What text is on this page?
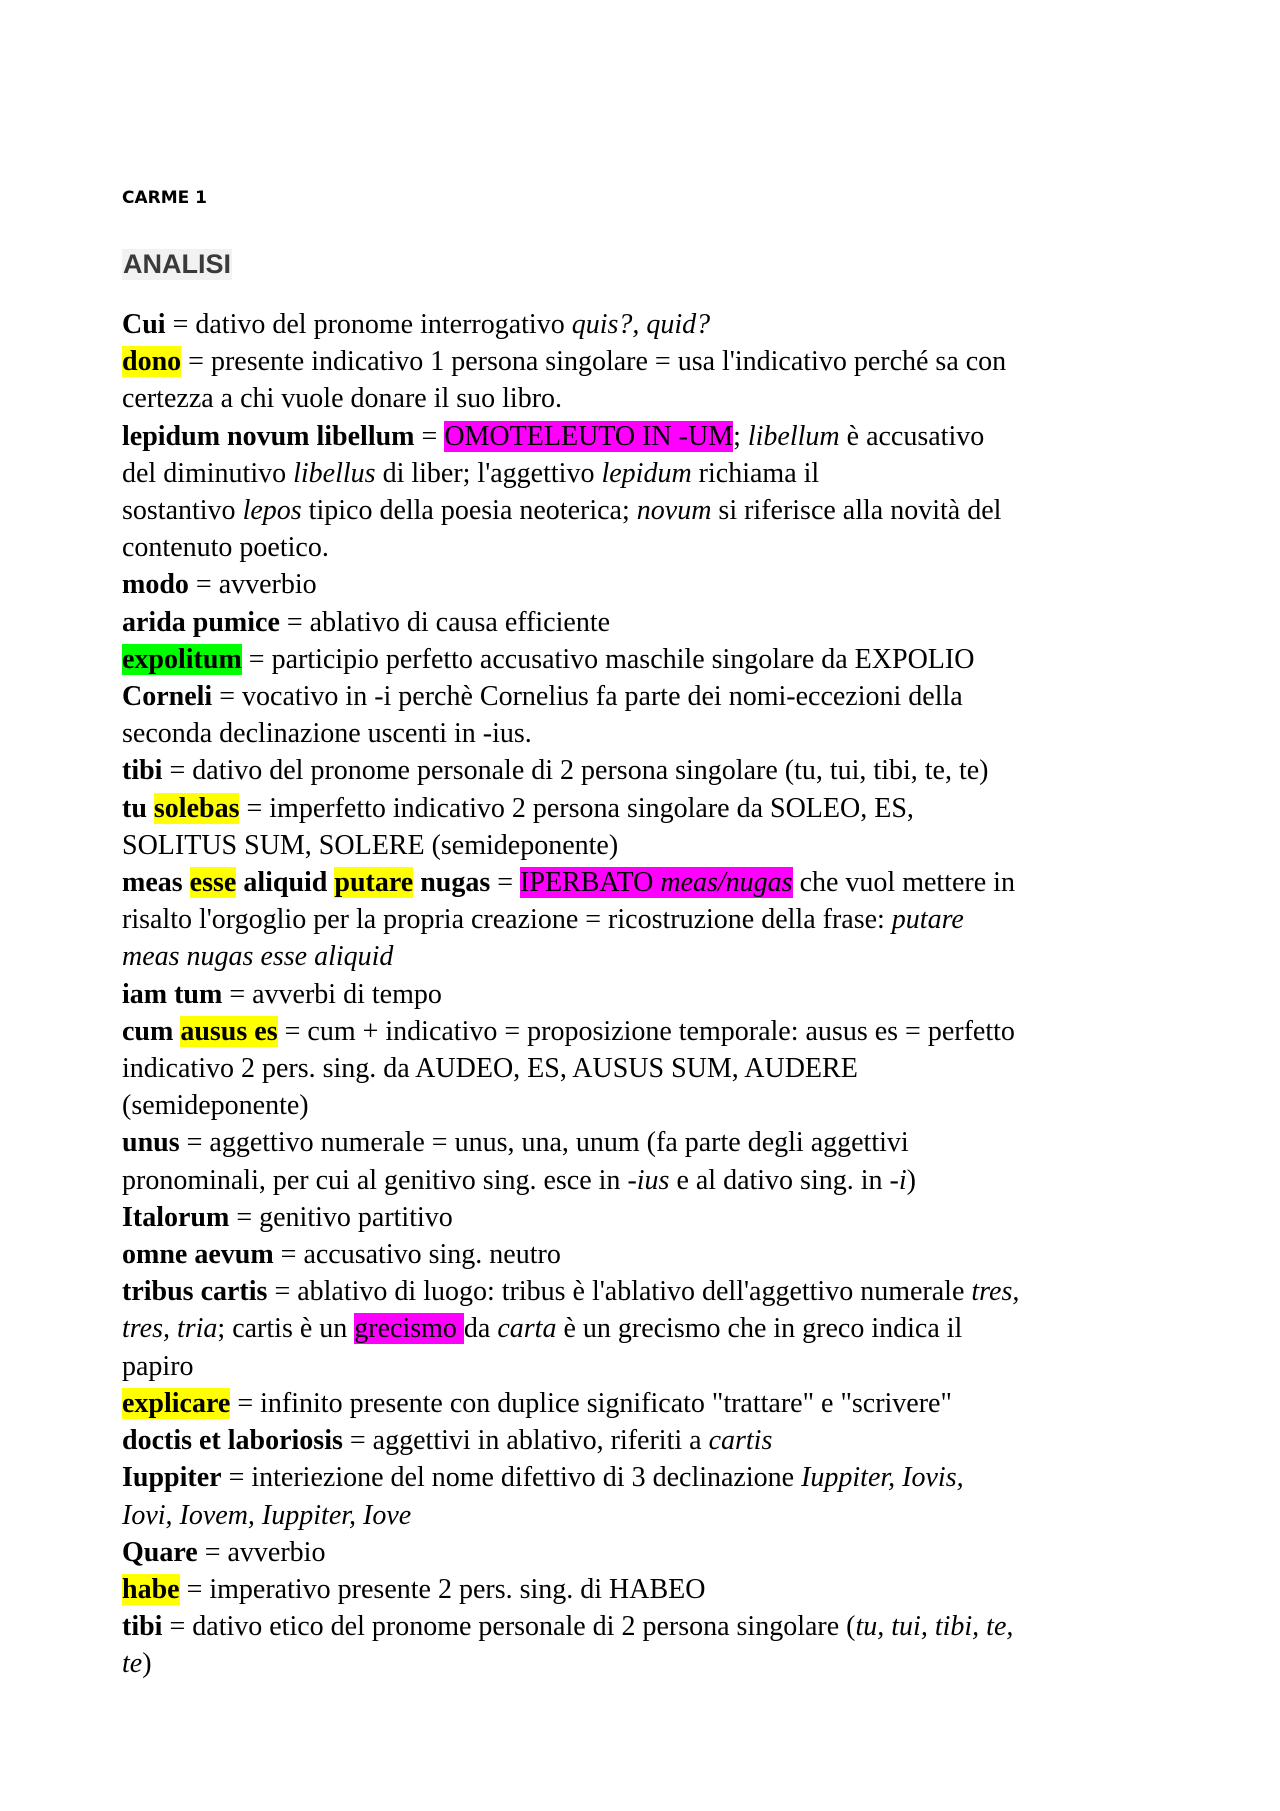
CARME 1

ANALISI
Cui = dativo del pronome interrogativo quis?, quid?
dono = presente indicativo 1 persona singolare = usa l'indicativo perché sa con
certezza a chi vuole donare il suo libro.
lepidum novum libellum = OMOTELEUTO IN -UM; libellum è accusativo
del diminutivo libellus di liber; l'aggettivo lepidum richiama il
sostantivo lepos tipico della poesia neoterica; novum si riferisce alla novità del
contenuto poetico.
modo = avverbio
arida pumice = ablativo di causa efficiente
expolitum = participio perfetto accusativo maschile singolare da EXPOLIO
Corneli = vocativo in -i perchè Cornelius fa parte dei nomi-eccezioni della
seconda declinazione uscenti in -ius.
tibi = dativo del pronome personale di 2 persona singolare (tu, tui, tibi, te, te)
tu solebas = imperfetto indicativo 2 persona singolare da SOLEO, ES,
SOLITUS SUM, SOLERE (semideponente)
meas esse aliquid putare nugas = IPERBATO meas/nugas che vuol mettere in
risalto l'orgoglio per la propria creazione = ricostruzione della frase: putare
meas nugas esse aliquid
iam tum = avverbi di tempo
cum ausus es = cum + indicativo = proposizione temporale: ausus es = perfetto
indicativo 2 pers. sing. da AUDEO, ES, AUSUS SUM, AUDERE
(semideponente)
unus = aggettivo numerale = unus, una, unum (fa parte degli aggettivi
pronominali, per cui al genitivo sing. esce in -ius e al dativo sing. in -i)
Italorum = genitivo partitivo
omne aevum = accusativo sing. neutro
tribus cartis = ablativo di luogo: tribus è l'ablativo dell'aggettivo numerale tres,
tres, tria; cartis è un grecismo da carta è un grecismo che in greco indica il
papiro
explicare = infinito presente con duplice significato "trattare" e "scrivere"
doctis et laboriosis = aggettivi in ablativo, riferiti a cartis
Iuppiter = interiezione del nome difettivo di 3 declinazione Iuppiter, Iovis,
Iovi, Iovem, Iuppiter, Iove
Quare = avverbio
habe = imperativo presente 2 pers. sing. di HABEO
tibi = dativo etico del pronome personale di 2 persona singolare (tu, tui, tibi, te,
te)
